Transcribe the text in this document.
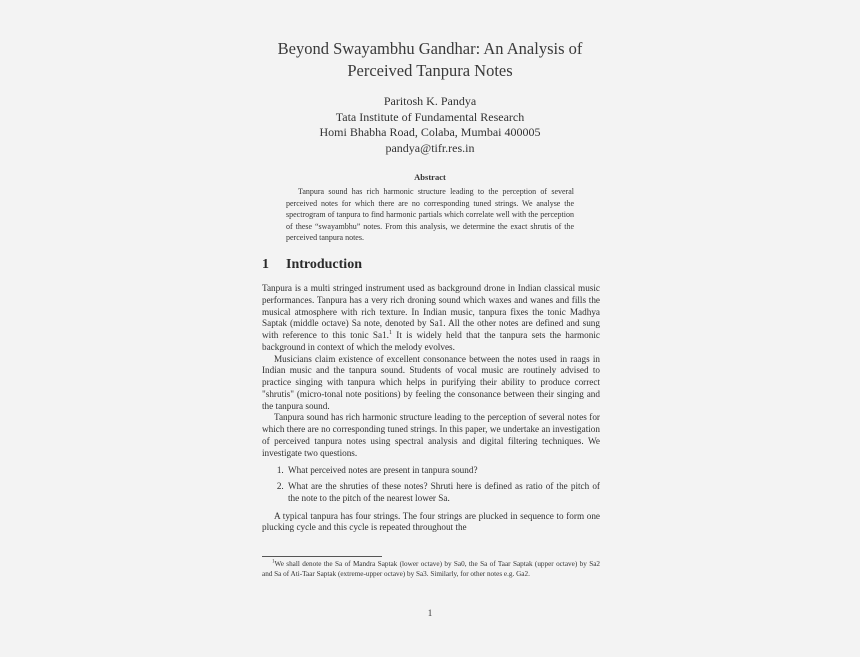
Beyond Swayambhu Gandhar: An Analysis of
Perceived Tanpura Notes
Paritosh K. Pandya
Tata Institute of Fundamental Research
Homi Bhabha Road, Colaba, Mumbai 400005
pandya@tifr.res.in
Abstract
Tanpura sound has rich harmonic structure leading to the perception of several perceived notes for which there are no corresponding tuned strings. We analyse the spectrogram of tanpura to find harmonic partials which correlate well with the perception of these “swayambhu” notes. From this analysis, we determine the exact shrutis of the perceived tanpura notes.
1 Introduction

Tanpura is a multi stringed instrument used as background drone in Indian classical music performances. Tanpura has a very rich droning sound which waxes and wanes and fills the musical atmosphere with rich texture. In Indian music, tanpura fixes the tonic Madhya Saptak (middle octave) Sa note, denoted by Sa1. All the other notes are defined and sung with reference to this tonic Sa1.$^1$ It is widely held that the tanpura sets the harmonic background in context of which the melody evolves.

Musicians claim existence of excellent consonance between the notes used in raags in Indian music and the tanpura sound. Students of vocal music are routinely advised to practice singing with tanpura which helps in purifying their ability to produce correct "shrutis" (micro-tonal note positions) by feeling the consonance between their singing and the tanpura sound.

Tanpura sound has rich harmonic structure leading to the perception of several notes for which there are no corresponding tuned strings. In this paper, we undertake an investigation of perceived tanpura notes using spectral analysis and digital filtering techniques. We investigate two questions.

1. What perceived notes are present in tanpura sound?
2. What are the shruties of these notes? Shruti here is defined as ratio of the pitch of the note to the pitch of the nearest lower Sa.

A typical tanpura has four strings. The four strings are plucked in sequence to form one plucking cycle and this cycle is repeated throughout the

$^1$We shall denote the Sa of Mandra Saptak (lower octave) by Sa0, the Sa of Taar Saptak (upper octave) by Sa2 and Sa of Ati-Taar Saptak (extreme-upper octave) by Sa3. Similarly, for other notes e.g. Ga2.
1
